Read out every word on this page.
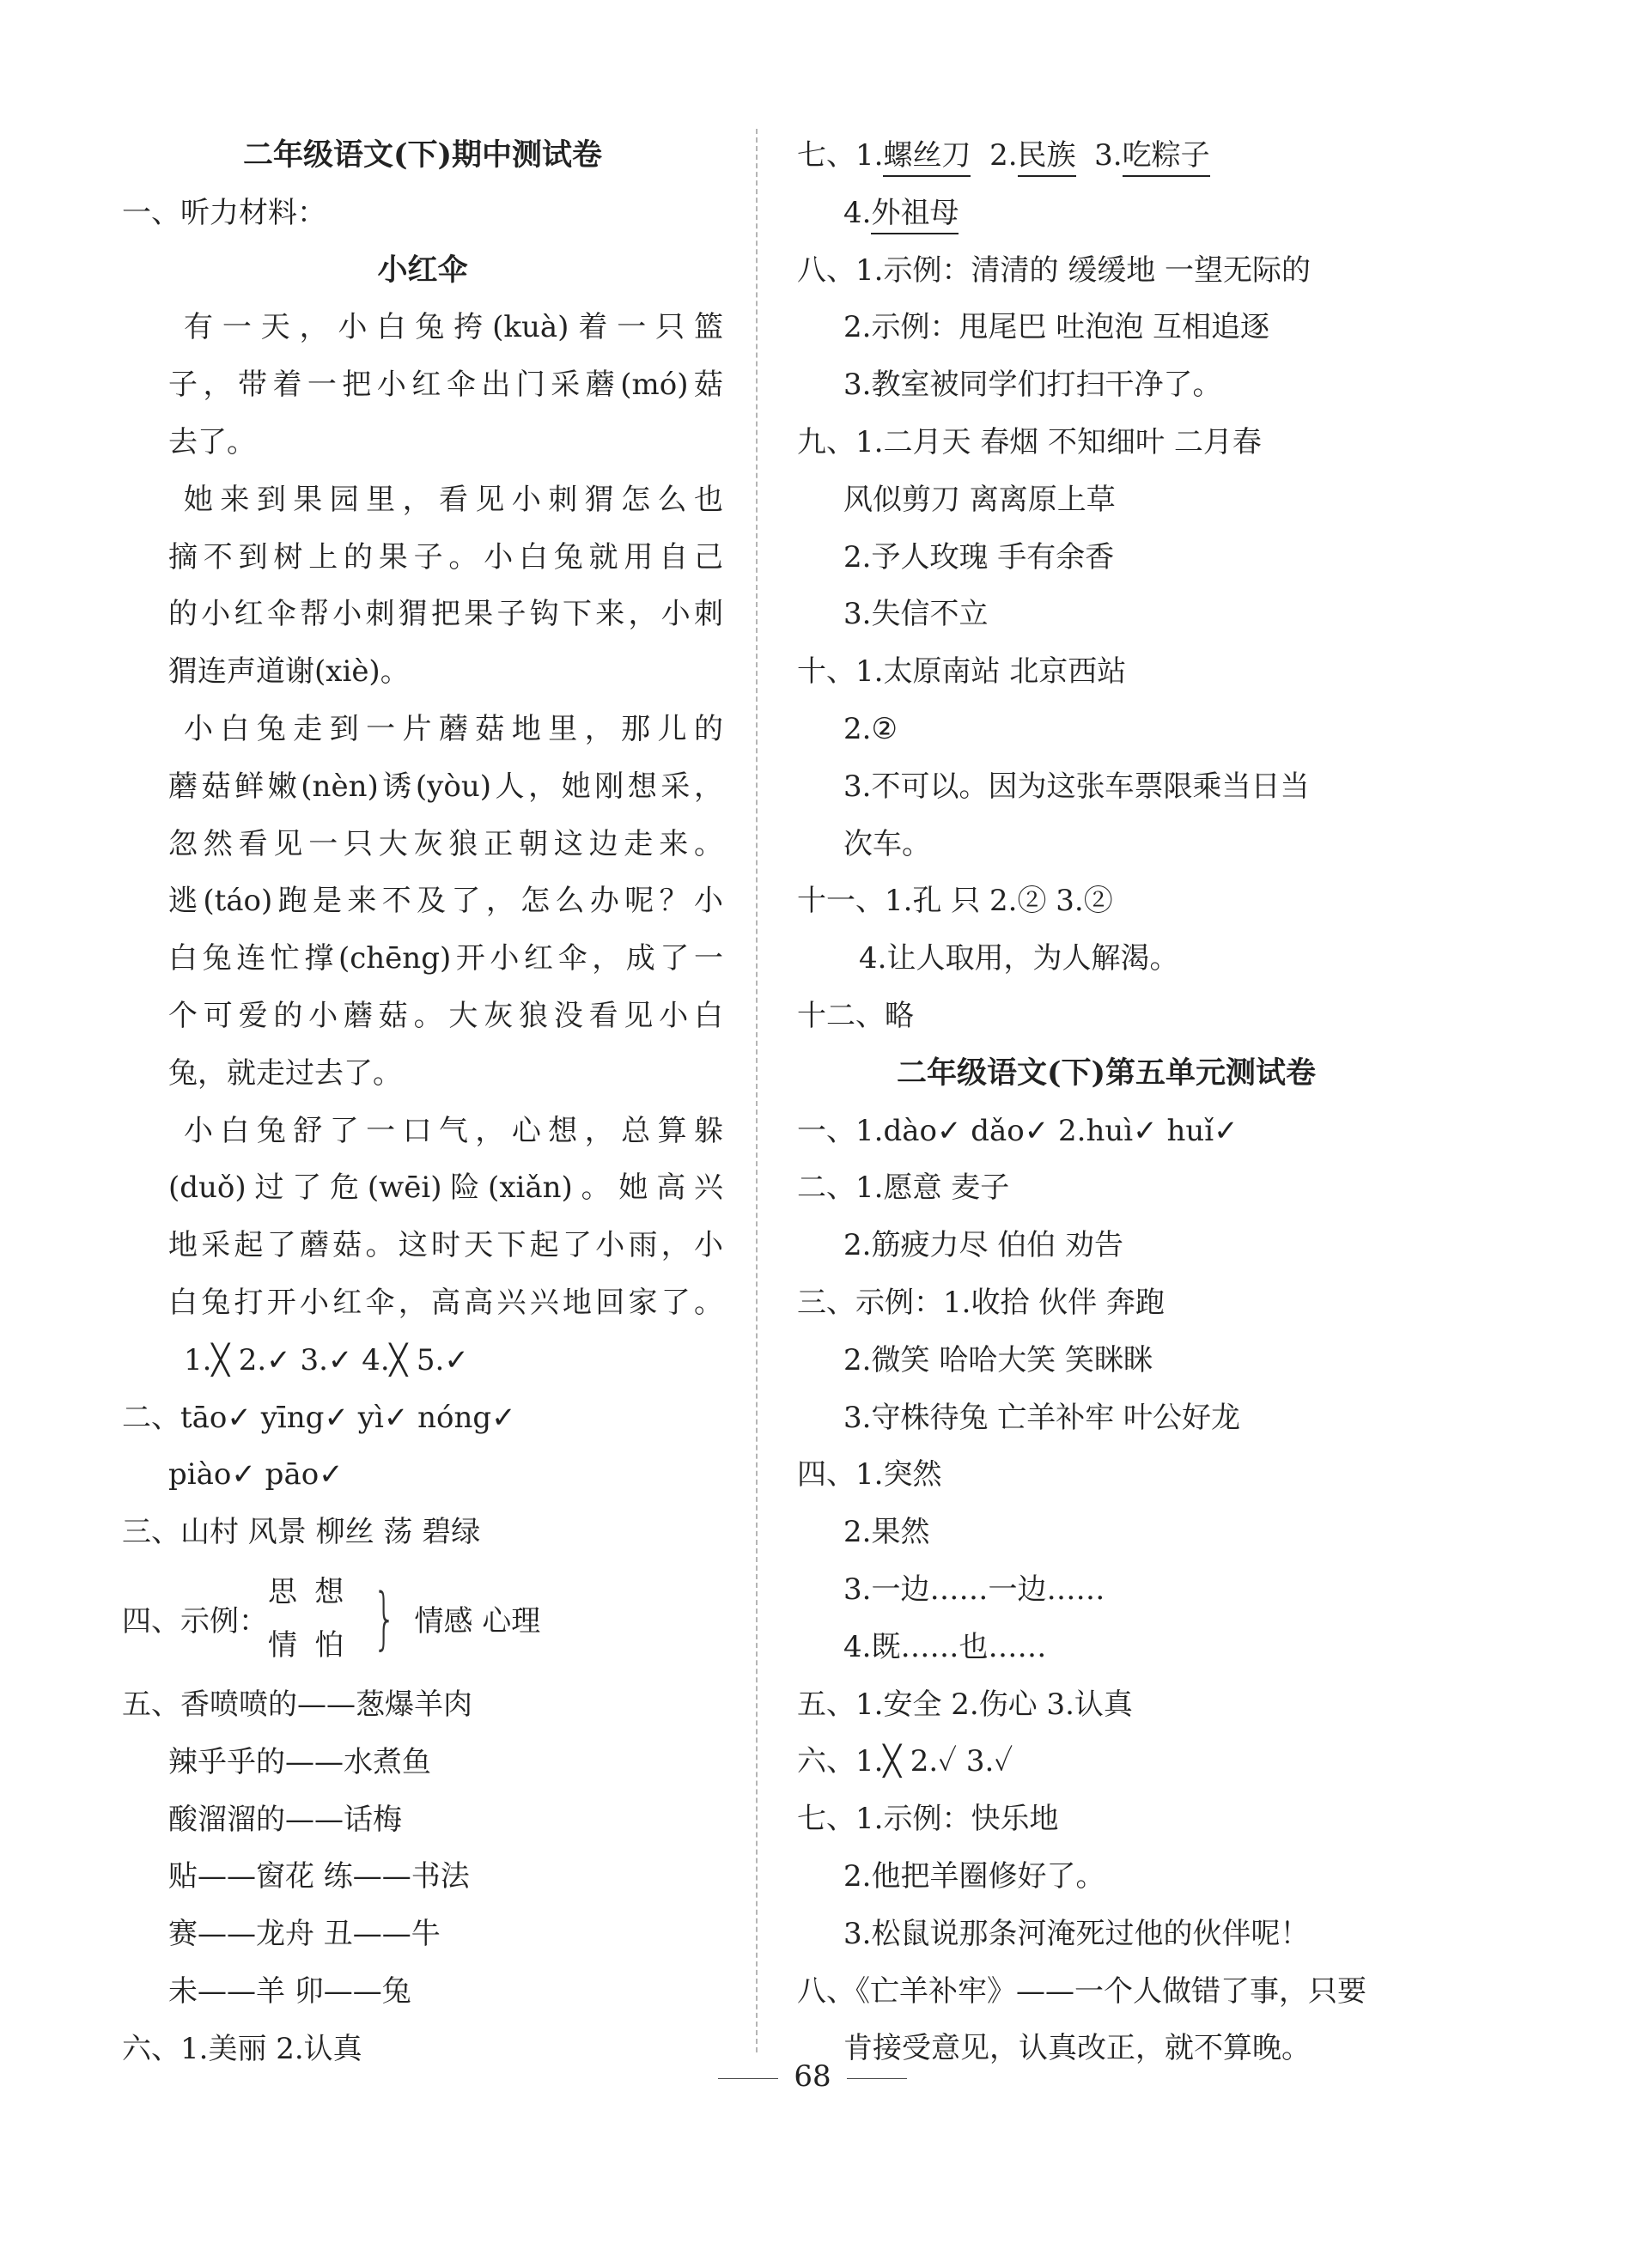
二年级语文(下)期中测试卷
一、听力材料：
小红伞
有一天，小白兔挎(kuà)着一只篮
子，带着一把小红伞出门采蘑(mó)菇
去了。
她来到果园里，看见小刺猬怎么也
摘不到树上的果子。小白兔就用自己
的小红伞帮小刺猬把果子钩下来，小刺
猬连声道谢(xiè)。
小白兔走到一片蘑菇地里，那儿的
蘑菇鲜嫩(nèn)诱(yòu)人，她刚想采，
忽然看见一只大灰狼正朝这边走来。
逃(táo)跑是来不及了，怎么办呢？小
白兔连忙撑(chēng)开小红伞，成了一
个可爱的小蘑菇。大灰狼没看见小白
兔，就走过去了。
小白兔舒了一口气，心想，总算躲
(duǒ)过了危(wēi)险(xiǎn)。她高兴
地采起了蘑菇。这时天下起了小雨，小
白兔打开小红伞，高高兴兴地回家了。
1.╳ 2.✓ 3.✓ 4.╳ 5.✓
二、tāo✓ yīng✓ yì✓ nóng✓
piào✓ pāo✓
三、山村 风景 柳丝 荡 碧绿
四、示例：
思想
情怕 } 情感 心理
五、香喷喷的——葱爆羊肉
辣乎乎的——水煮鱼
酸溜溜的——话梅
贴——窗花 练——书法
赛——龙舟 丑——牛
未——羊 卯——兔
六、1.美丽 2.认真
七、1.螺丝刀 2.民族 3.吃粽子
4.外祖母
八、1.示例：清清的 缓缓地 一望无际的
2.示例：甩尾巴 吐泡泡 互相追逐
3.教室被同学们打扫干净了。
九、1.二月天 春烟 不知细叶 二月春
风似剪刀 离离原上草
2.予人玫瑰 手有余香
3.失信不立
十、1.太原南站 北京西站
2.②
3.不可以。因为这张车票限乘当日当
次车。
十一、1.孔 只 2.② 3.②
4.让人取用，为人解渴。
十二、略
二年级语文(下)第五单元测试卷
一、1.dào✓ dǎo✓ 2.huì✓ huǐ✓
二、1.愿意 麦子
2.筋疲力尽 伯伯 劝告
三、示例：1.收拾 伙伴 奔跑
2.微笑 哈哈大笑 笑眯眯
3.守株待兔 亡羊补牢 叶公好龙
四、1.突然
2.果然
3.一边……一边……
4.既……也……
五、1.安全 2.伤心 3.认真
六、1.╳ 2.✓ 3.✓
七、1.示例：快乐地
2.他把羊圈修好了。
3.松鼠说那条河淹死过他的伙伴呢！
八、《亡羊补牢》——一个人做错了事，只要
肯接受意见，认真改正，就不算晚。
68
